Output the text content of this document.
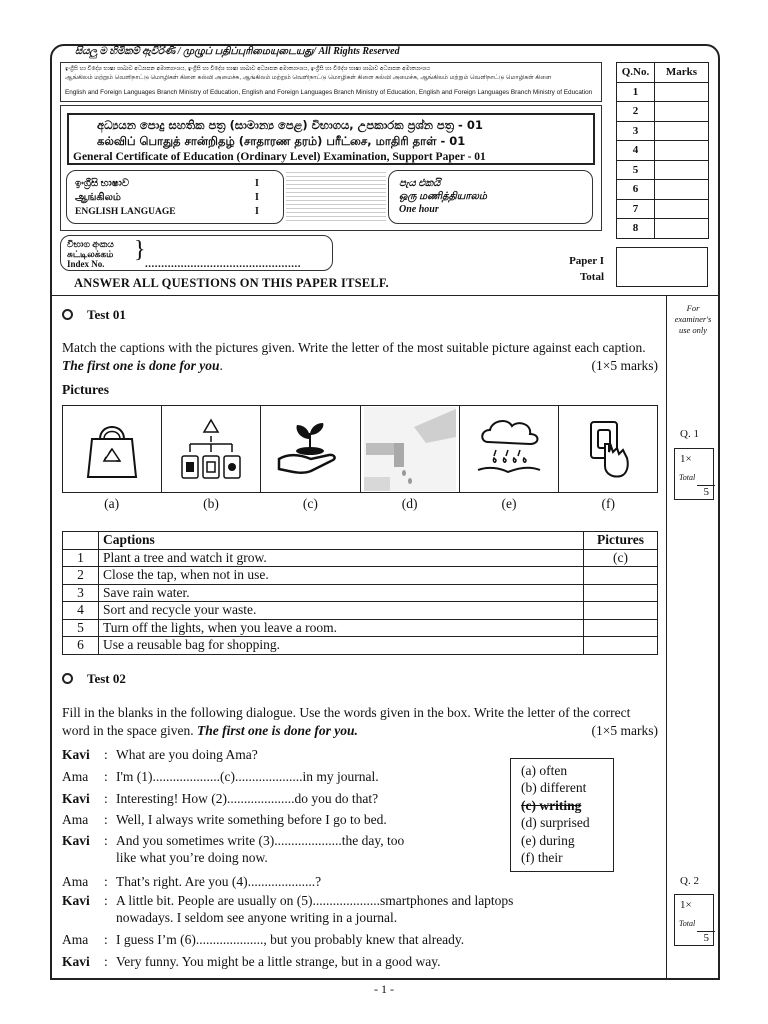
සියලු ම හිමිකම් ඇවිරිණි / முழுப் பதிப்புரிமையுடையது/ All Rights Reserved
ඉංග්‍රීසි හා විදේශ භාෂා ශාඛාව අධ්‍යාපන අමාත්‍යාංශය, ඉංග්‍රීසි හා විදේශ භාෂා ශාඛාව අධ්‍යාපන අමාත්‍යාංශය, ඉංග්‍රීසි හා විදේශ භාෂා ශාඛාව අධ්‍යාපන අමාත්‍යාංශය
ஆங்கிலம் மற்றும் வெளிநாட்டு மொழிகள் கிளை கல்வி அமைச்சு, ஆங்கிலம் மற்றும் வெளிநாட்டு மொழிகள் கிளை கல்வி அமைச்சு, ஆங்கிலம் மற்றும் வெளிநாட்டு மொழிகள் கிளை
English and Foreign Languages Branch Ministry of Education, English and Foreign Languages Branch Ministry of Education, English and Foreign Languages Branch Ministry of Education
අධ්‍යයන පොදු සහතික පත්‍ර (සාමාන්‍ය පෙළ) විභාගය, උපකාරක ප්‍රශ්න පත්‍ර - 01
கல்விப் பொதுத் சான்றிதழ் (சாதாரண தரம்) பரீட்சை, மாதிரி தாள் - 01
General Certificate of Education (Ordinary Level) Examination, Support Paper - 01
ඉංග්‍රීසි භාෂාව	I
ஆங்கிலம்	I
ENGLISH LANGUAGE	I
පැය එකයි
ஒரு மணித்தியாலம்
One hour
විභාග අංකය
சுட்டிலக்கம்
Index No.
}
................................................
ANSWER ALL QUESTIONS ON THIS PAPER ITSELF.
Paper I
Total
Q.No.	Marks
1	
2	
3	
4	
5	
6	
7	
8	
For examiner's use only
Q. 1
1×
Total
5
Q. 2
1×
Total
5
Test 01
Match the captions with the pictures given. Write the letter of the most suitable picture against each caption. The first one is done for you.	(1×5 marks)
Pictures
(a)	(b)	(c)	(d)	(e)	(f)
	Captions	Pictures
1	Plant a tree and watch it grow.	(c)
2	Close the tap, when not in use.	
3	Save rain water.	
4	Sort and recycle your waste.	
5	Turn off the lights, when you leave a room.	
6	Use a reusable bag for shopping.	
Test 02
Fill in the blanks in the following dialogue. Use the words given in the box. Write the letter of the correct word in the space given. The first one is done for you.	(1×5 marks)
Kavi : What are you doing Ama?
Ama : I'm (1)....................(c)....................in my journal.
Kavi : Interesting! How (2)....................do you do that?
Ama : Well, I always write something before I go to bed.
Kavi : And you sometimes write (3)....................the day, too
like what you’re doing now.
Ama : That’s right. Are you (4)....................?
Kavi : A little bit. People are usually on (5)....................smartphones and laptops
nowadays. I seldom see anyone writing in a journal.
Ama : I guess I’m (6)...................., but you probably knew that already.
Kavi : Very funny. You might be a little strange, but in a good way.
(a) often
(b) different
(c) writing
(d) surprised
(e) during
(f) their
- 1 -
